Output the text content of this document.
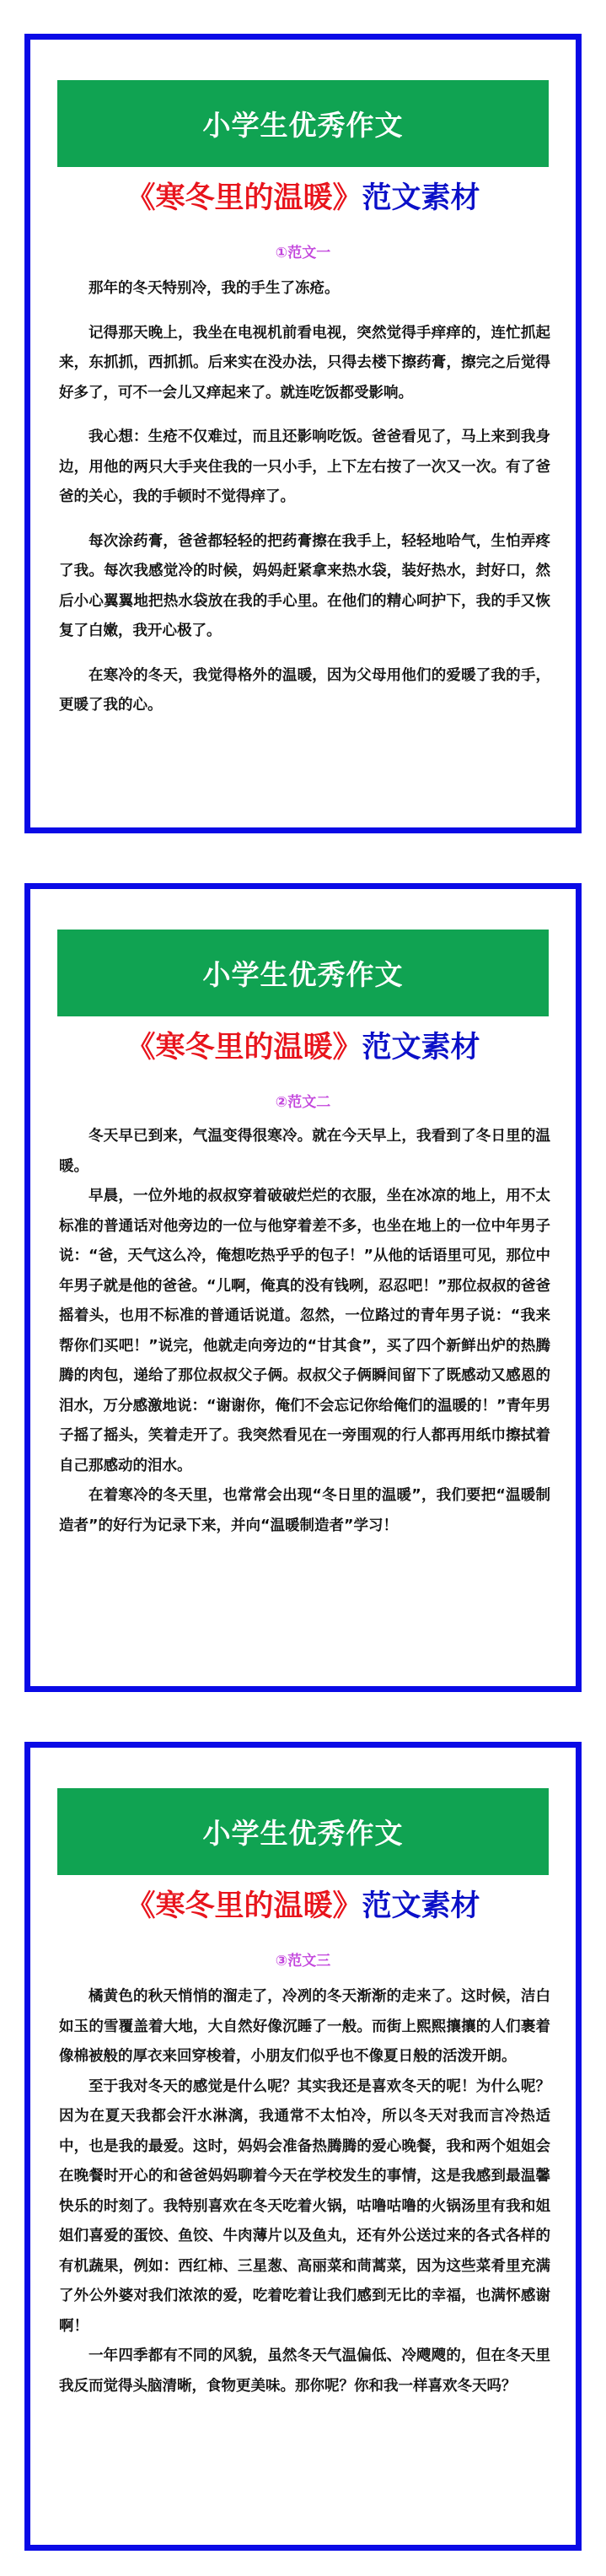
小学生优秀作文
《寒冬里的温暖》范文素材
①范文一

那年的冬天特别冷，我的手生了冻疮。

记得那天晚上，我坐在电视机前看电视，突然觉得手痒痒的，连忙抓起来，东抓抓，西抓抓。后来实在没办法，只得去楼下擦药膏，擦完之后觉得好多了，可不一会儿又痒起来了。就连吃饭都受影响。

我心想：生疮不仅难过，而且还影响吃饭。爸爸看见了，马上来到我身边，用他的两只大手夹住我的一只小手，上下左右按了一次又一次。有了爸爸的关心，我的手顿时不觉得痒了。

每次涂药膏，爸爸都轻轻的把药膏擦在我手上，轻轻地哈气，生怕弄疼了我。每次我感觉冷的时候，妈妈赶紧拿来热水袋，装好热水，封好口，然后小心翼翼地把热水袋放在我的手心里。在他们的精心呵护下，我的手又恢复了白嫩，我开心极了。

在寒冷的冬天，我觉得格外的温暖，因为父母用他们的爱暖了我的手，更暖了我的心。

小学生优秀作文
《寒冬里的温暖》范文素材
②范文二

冬天早已到来，气温变得很寒冷。就在今天早上，我看到了冬日里的温暖。

早晨，一位外地的叔叔穿着破破烂烂的衣服，坐在冰凉的地上，用不太标准的普通话对他旁边的一位与他穿着差不多，也坐在地上的一位中年男子说：“爸，天气这么冷，俺想吃热乎乎的包子！”从他的话语里可见，那位中年男子就是他的爸爸。“儿啊，俺真的没有钱咧，忍忍吧！”那位叔叔的爸爸摇着头，也用不标准的普通话说道。忽然，一位路过的青年男子说：“我来帮你们买吧！”说完，他就走向旁边的“甘其食”，买了四个新鲜出炉的热腾腾的肉包，递给了那位叔叔父子俩。叔叔父子俩瞬间留下了既感动又感恩的泪水，万分感激地说：“谢谢你，俺们不会忘记你给俺们的温暖的！”青年男子摇了摇头，笑着走开了。我突然看见在一旁围观的行人都再用纸巾擦拭着自己那感动的泪水。

在着寒冷的冬天里，也常常会出现“冬日里的温暖”，我们要把“温暖制造者”的好行为记录下来，并向“温暖制造者”学习！

小学生优秀作文
《寒冬里的温暖》范文素材
③范文三

橘黄色的秋天悄悄的溜走了，冷冽的冬天渐渐的走来了。这时候，洁白如玉的雪覆盖着大地，大自然好像沉睡了一般。而街上熙熙攘攘的人们裹着像棉被般的厚衣来回穿梭着，小朋友们似乎也不像夏日般的活泼开朗。

至于我对冬天的感觉是什么呢？其实我还是喜欢冬天的呢！为什么呢？因为在夏天我都会汗水淋漓，我通常不太怕冷，所以冬天对我而言冷热适中，也是我的最爱。这时，妈妈会准备热腾腾的爱心晚餐，我和两个姐姐会在晚餐时开心的和爸爸妈妈聊着今天在学校发生的事情，这是我感到最温馨快乐的时刻了。我特别喜欢在冬天吃着火锅，咕噜咕噜的火锅汤里有我和姐姐们喜爱的蛋饺、鱼饺、牛肉薄片以及鱼丸，还有外公送过来的各式各样的有机蔬果，例如：西红柿、三星葱、高丽菜和茼蒿菜，因为这些菜肴里充满了外公外婆对我们浓浓的爱，吃着吃着让我们感到无比的幸福，也满怀感谢啊！

一年四季都有不同的风貌，虽然冬天气温偏低、冷飕飕的，但在冬天里我反而觉得头脑清晰，食物更美味。那你呢？你和我一样喜欢冬天吗？
